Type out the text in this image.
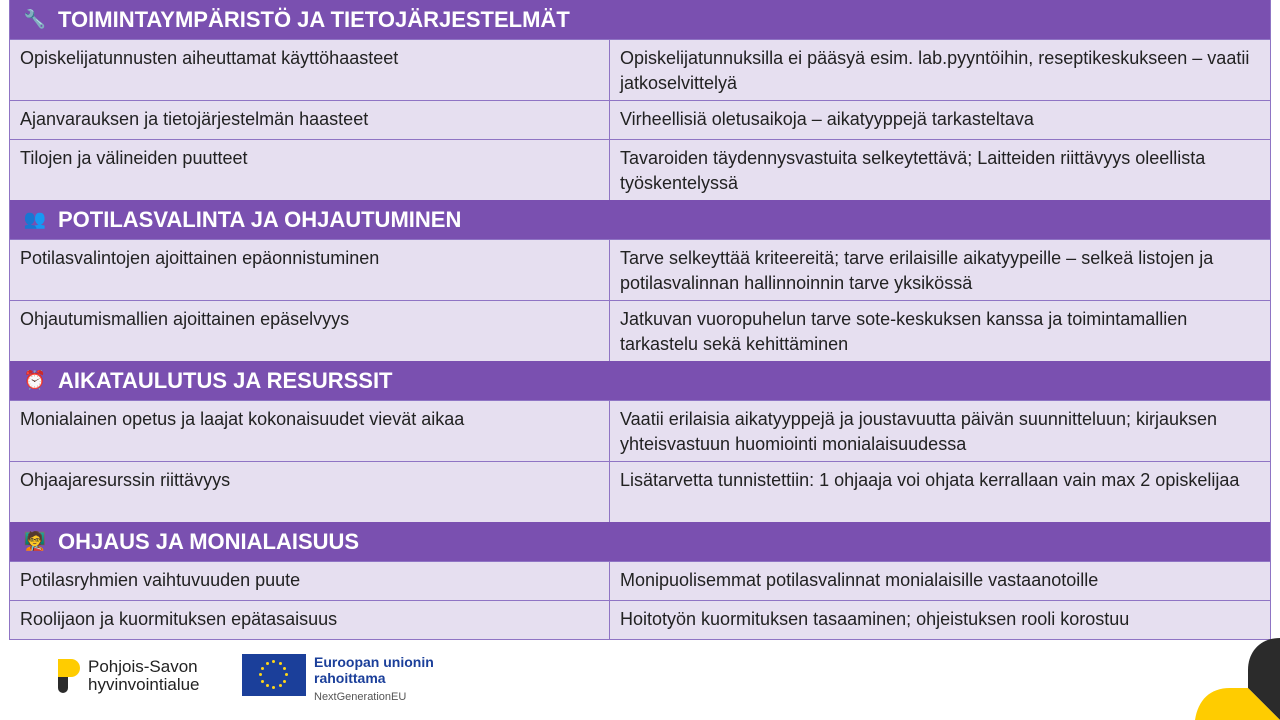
🔧 TOIMINTAYMPÄRISTÖ JA TIETOJÄRJESTELMÄT
Opiskelijatunnusten aiheuttamat käyttöhaasteet	Opiskelijatunnuksilla ei pääsyä esim. lab.pyyntöihin, reseptikeskukseen – vaatii jatkoselvittelyä
Ajanvarauksen ja tietojärjestelmän haasteet	Virheellisiä oletusaikoja – aikatyyppejä tarkasteltava
Tilojen ja välineiden puutteet	Tavaroiden täydennysvastuita selkeytettävä; Laitteiden riittävyys oleellista työskentelyssä
👥 POTILASVALINTA JA OHJAUTUMINEN
Potilasvalintojen ajoittainen epäonnistuminen	Tarve selkeyttää kriteereitä; tarve erilaisille aikatyypeille – selkeä listojen ja potilasvalinnan hallinnoinnin tarve yksikössä
Ohjautumismallien ajoittainen epäselvyys	Jatkuvan vuoropuhelun tarve sote-keskuksen kanssa ja toimintamallien tarkastelu sekä kehittäminen
⏰ AIKATAULUTUS JA RESURSSIT
Monialainen opetus ja laajat kokonaisuudet vievät aikaa	Vaatii erilaisia aikatyyppejä ja joustavuutta päivän suunnitteluun; kirjauksen yhteisvastuun huomiointi monialaisuudessa
Ohjaajaresurssin riittävyys	Lisätarvetta tunnistettiin: 1 ohjaaja voi ohjata kerrallaan vain max 2 opiskelijaa
🧑‍🏫 OHJAUS JA MONIALAISUUS
Potilasryhmien vaihtuvuuden puute	Monipuolisemmat potilasvalinnat monialaisille vastaanotoille
Roolijaon ja kuormituksen epätasaisuus	Hoitotyön kuormituksen tasaaminen; ohjeistuksen rooli korostuu
Pohjois-Savon
hyvinvointialue
Euroopan unionin
rahoittama
NextGenerationEU
